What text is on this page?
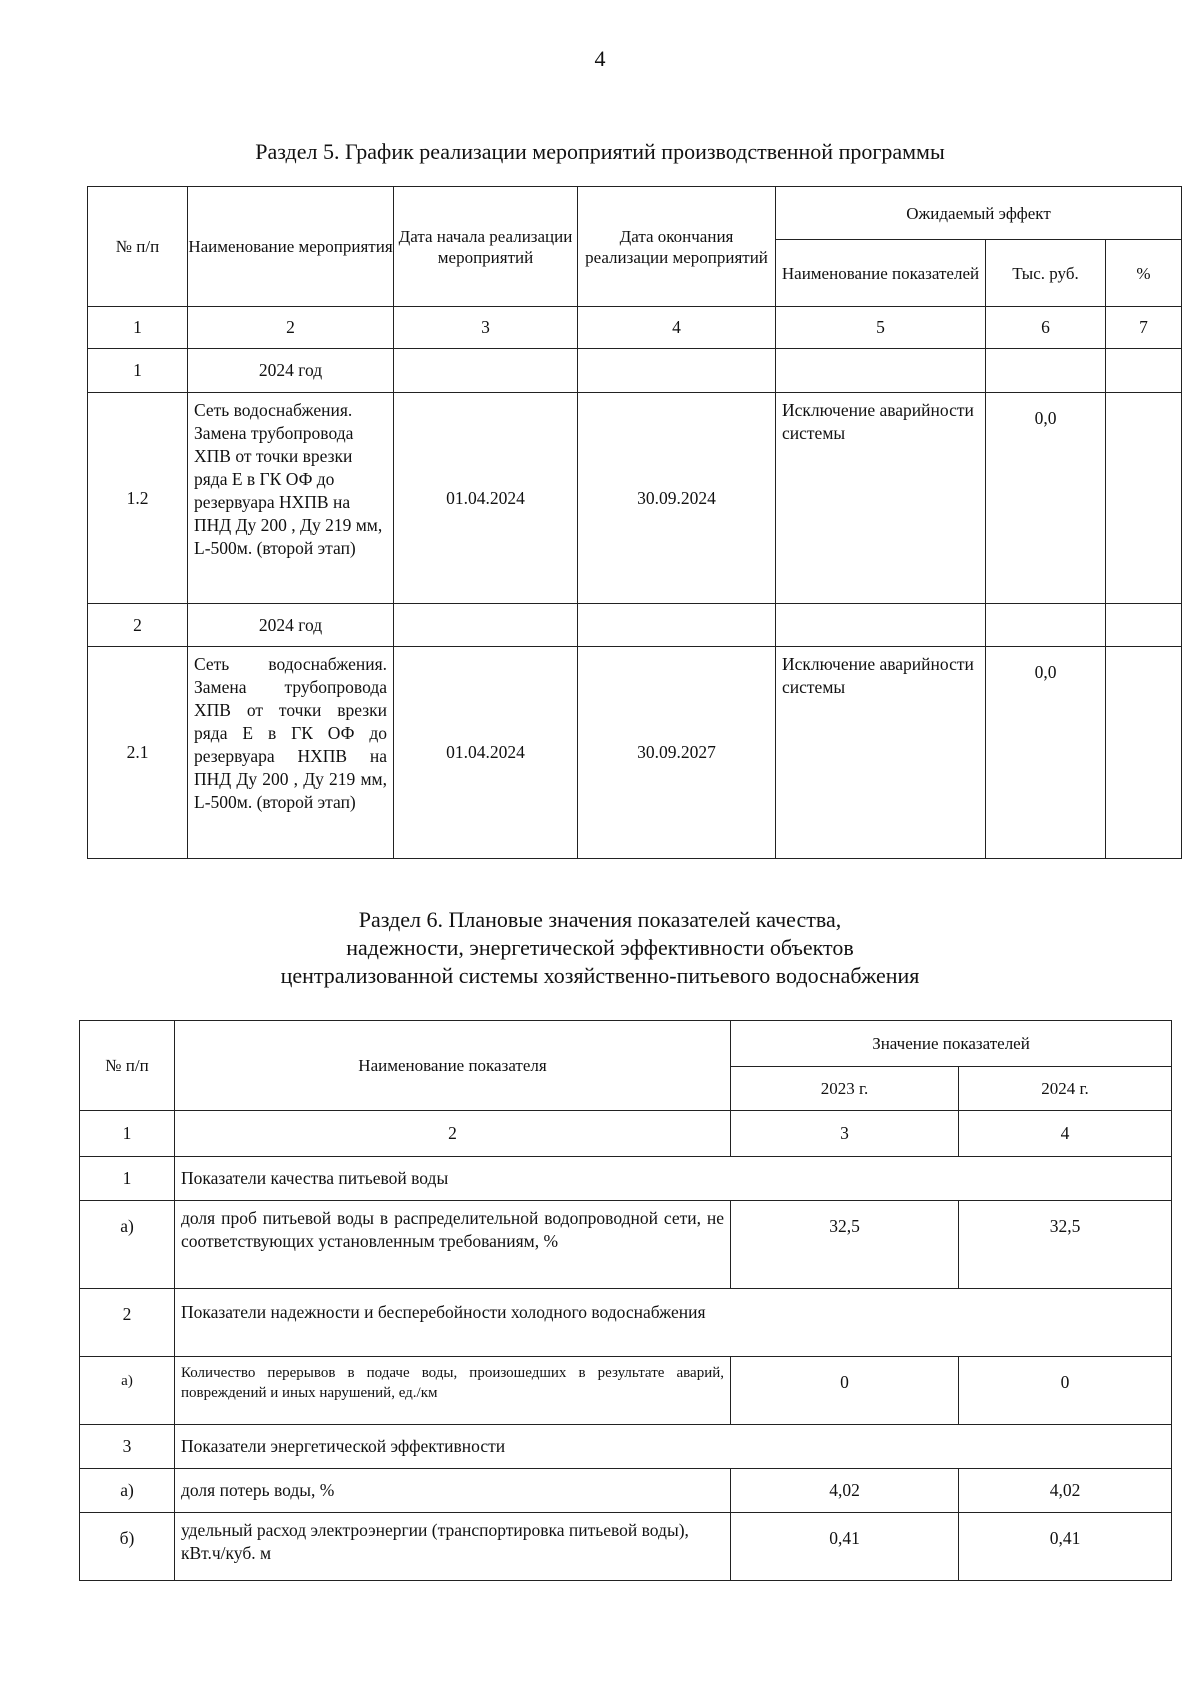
4
Раздел 5. График реализации мероприятий производственной программы
№ п/п	Наименование мероприятия	Дата начала реализации мероприятий	Дата окончания реализации мероприятий	Ожидаемый эффект		
				Наименование показателей	Тыс. руб.	%
1	2	3	4	5	6	7
1	2024 год					
1.2	Сеть водоснабжения. Замена трубопровода ХПВ от точки врезки ряда Е в ГК ОФ до резервуара НХПВ на ПНД Ду 200 , Ду 219 мм, L-500м. (второй этап)	01.04.2024	30.09.2024	Исключение аварийности системы	0,0	
2	2024 год					
2.1	Сеть водоснабжения. Замена трубопровода ХПВ от точки врезки ряда Е в ГК ОФ до резервуара НХПВ на ПНД Ду 200 , Ду 219 мм, L-500м. (второй этап)	01.04.2024	30.09.2027	Исключение аварийности системы	0,0	
Раздел 6. Плановые значения показателей качества,
надежности, энергетической эффективности объектов
централизованной системы хозяйственно-питьевого водоснабжения
№ п/п	Наименование показателя	Значение показателей	
		2023 г.	2024 г.
1	2	3	4
1	Показатели качества питьевой воды		
а)	доля проб питьевой воды в распределительной водопроводной сети, не соответствующих установленным требованиям, %	32,5	32,5
2	Показатели надежности и бесперебойности холодного водоснабжения		
а)	Количество перерывов в подаче воды, произошедших в результате аварий, повреждений и иных нарушений, ед./км	0	0
3	Показатели энергетической эффективности		
а)	доля потерь воды, %	4,02	4,02
б)	удельный расход электроэнергии (транспортировка питьевой воды), кВт.ч/куб. м	0,41	0,41
